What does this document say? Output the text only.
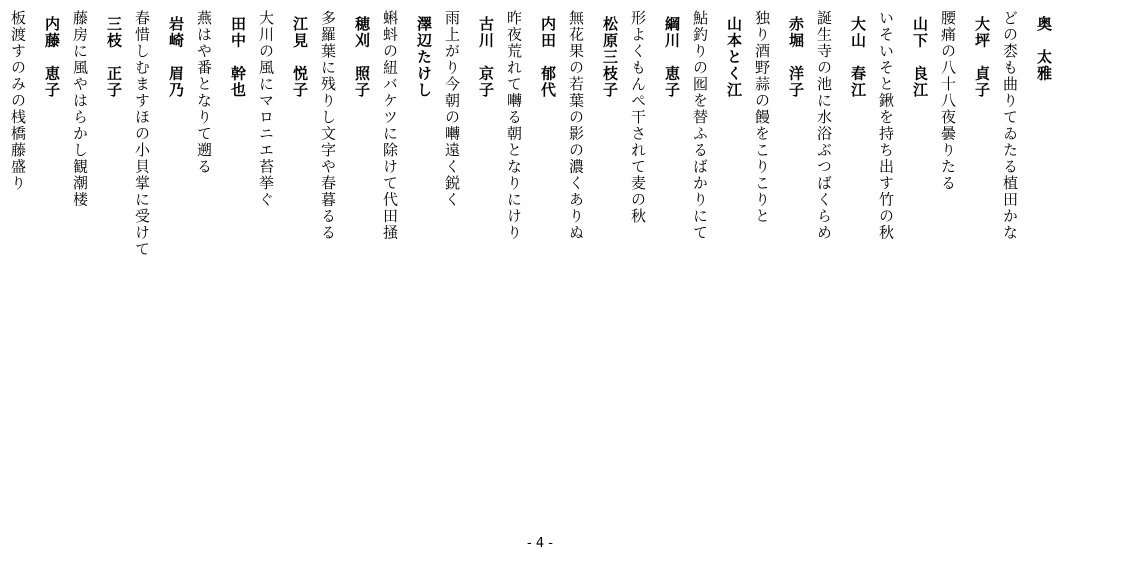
奥　太雅
どの枩も曲りてゐたる植田かな
大坪　貞子
腰痛の八十八夜曇りたる
山下　良江
いそいそと鍬を持ち出す竹の秋
大山　春江
誕生寺の池に水浴ぶつばくらめ
赤堀　洋子
独り酒野蒜の饅をこりこりと
山本とく江
鮎釣りの囮を替ふるばかりにて
綱川　恵子
形よくもんぺ干されて麦の秋
松原三枝子
無花果の若葉の影の濃くありぬ
内田　郁代
昨夜荒れて囀る朝となりにけり
古川　京子
雨上がり今朝の囀遠く鋭く
澤辺たけし
蝌蚪の紐バケツに除けて代田掻
穂刈　照子
多羅葉に残りし文字や春暮るる
江見　悦子
大川の風にマロニエ苔挙ぐ
田中　幹也
燕はや番となりて遡る
岩崎　眉乃
春惜しむますほの小貝掌に受けて
三枝　正子
藤房に風やはらかし観潮楼
内藤　恵子
板渡すのみの桟橋藤盛り
- 4 -
